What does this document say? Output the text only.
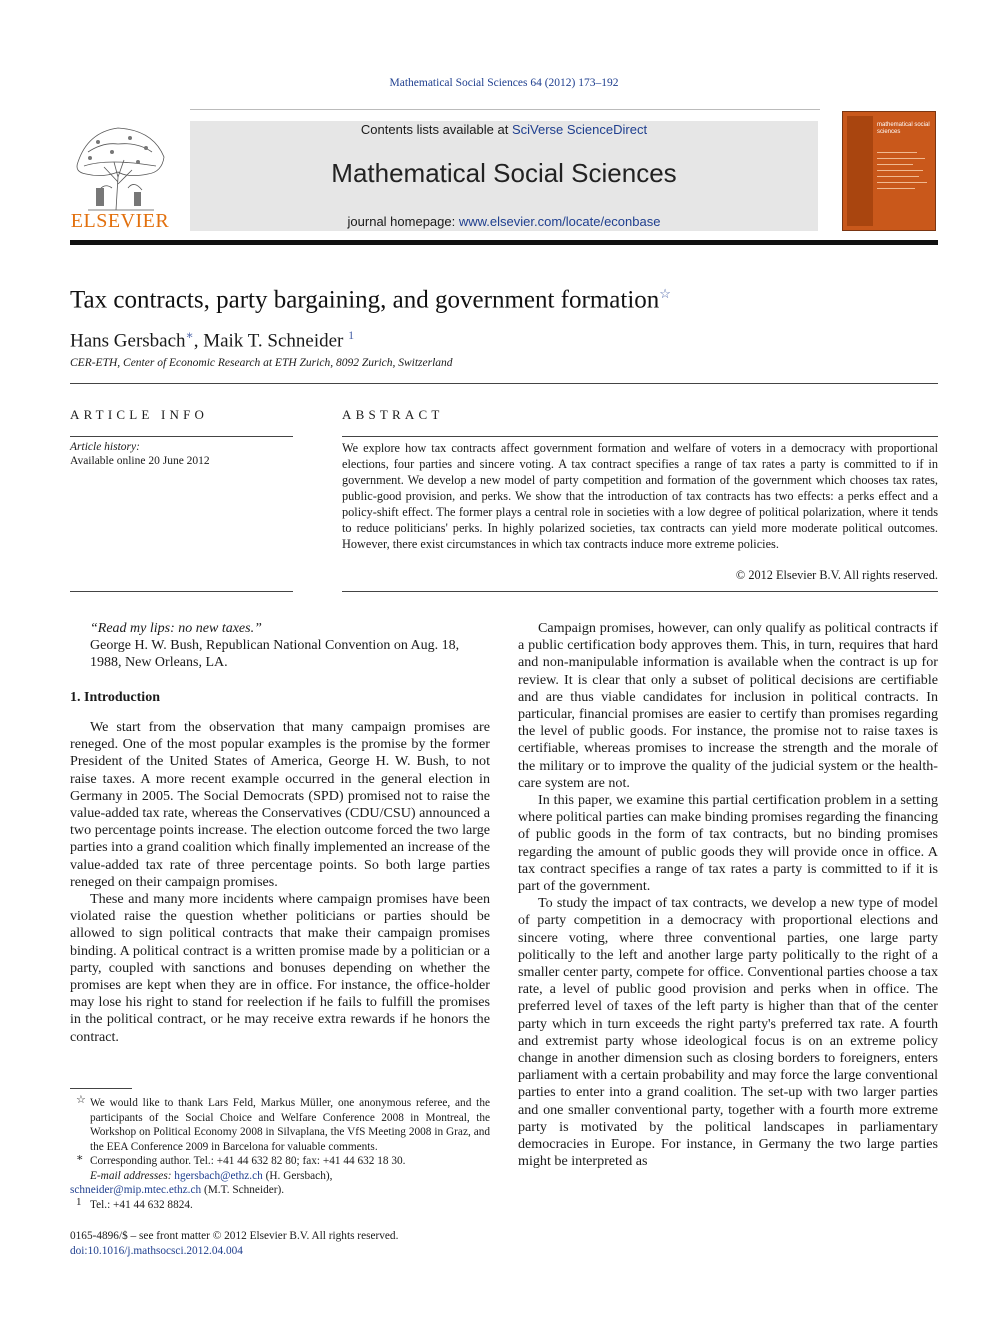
Mathematical Social Sciences 64 (2012) 173–192
ELSEVIER
Contents lists available at SciVerse ScienceDirect
Mathematical Social Sciences
journal homepage: www.elsevier.com/locate/econbase
mathematical social sciences
Tax contracts, party bargaining, and government formation☆
Hans Gersbach∗, Maik T. Schneider $^1$
CER-ETH, Center of Economic Research at ETH Zurich, 8092 Zurich, Switzerland
ARTICLE INFO	ABSTRACT
Article history:
Available online 20 June 2012
We explore how tax contracts affect government formation and welfare of voters in a democracy with proportional elections, four parties and sincere voting. A tax contract specifies a range of tax rates a party is committed to if in government. We develop a new model of party competition and formation of the government which chooses tax rates, public-good provision, and perks. We show that the introduction of tax contracts has two effects: a perks effect and a policy-shift effect. The former plays a central role in societies with a low degree of political polarization, where it tends to reduce politicians' perks. In highly polarized societies, tax contracts can yield more moderate political outcomes. However, there exist circumstances in which tax contracts induce more extreme policies.
© 2012 Elsevier B.V. All rights reserved.
“Read my lips: no new taxes.”
George H. W. Bush, Republican National Convention on Aug. 18, 1988, New Orleans, LA.
1. Introduction

We start from the observation that many campaign promises are reneged. One of the most popular examples is the promise by the former President of the United States of America, George H. W. Bush, to not raise taxes. A more recent example occurred in the general election in Germany in 2005. The Social Democrats (SPD) promised not to raise the value-added tax rate, whereas the Conservatives (CDU/CSU) announced a two percentage points increase. The election outcome forced the two large parties into a grand coalition which finally implemented an increase of the value-added tax rate of three percentage points. So both large parties reneged on their campaign promises.

These and many more incidents where campaign promises have been violated raise the question whether politicians or parties should be allowed to sign political contracts that make their campaign promises binding. A political contract is a written promise made by a politician or a party, coupled with sanctions and bonuses depending on whether the promises are kept when they are in office. For instance, the office-holder may lose his right to stand for reelection if he fails to fulfill the promises in the political contract, or he may receive extra rewards if he honors the contract.

Campaign promises, however, can only qualify as political contracts if a public certification body approves them. This, in turn, requires that hard and non-manipulable information is available when the contract is up for review. It is clear that only a subset of political decisions are certifiable and are thus viable candidates for inclusion in political contracts. In particular, financial promises are easier to certify than promises regarding the level of public goods. For instance, the promise not to raise taxes is certifiable, whereas promises to increase the strength and the morale of the military or to improve the quality of the judicial system or the health-care system are not.

In this paper, we examine this partial certification problem in a setting where political parties can make binding promises regarding the financing of public goods in the form of tax contracts, but no binding promises regarding the amount of public goods they will provide once in office. A tax contract specifies a range of tax rates a party is committed to if it is part of the government.

To study the impact of tax contracts, we develop a new type of model of party competition in a democracy with proportional elections and sincere voting, where three conventional parties, one large party politically to the left and another large party politically to the right of a smaller center party, compete for office. Conventional parties choose a tax rate, a level of public good provision and perks when in office. The preferred level of taxes of the left party is higher than that of the center party which in turn exceeds the right party's preferred tax rate. A fourth and extremist party whose ideological focus is on an extreme policy change in another dimension such as closing borders to foreigners, enters parliament with a certain probability and may force the large conventional parties to enter into a grand coalition. The set-up with two larger parties and one smaller conventional party, together with a fourth more extreme party is motivated by the political landscapes in parliamentary democracies in Europe. For instance, in Germany the two large parties might be interpreted as

☆ We would like to thank Lars Feld, Markus Müller, one anonymous referee, and the participants of the Social Choice and Welfare Conference 2008 in Montreal, the Workshop on Political Economy 2008 in Silvaplana, the VfS Meeting 2008 in Graz, and the EEA Conference 2009 in Barcelona for valuable comments.
∗ Corresponding author. Tel.: +41 44 632 82 80; fax: +41 44 632 18 30.
E-mail addresses: hgersbach@ethz.ch (H. Gersbach),
schneider@mip.mtec.ethz.ch (M.T. Schneider).
1 Tel.: +41 44 632 8824.
0165-4896/$ – see front matter © 2012 Elsevier B.V. All rights reserved.
doi:10.1016/j.mathsocsci.2012.04.004
